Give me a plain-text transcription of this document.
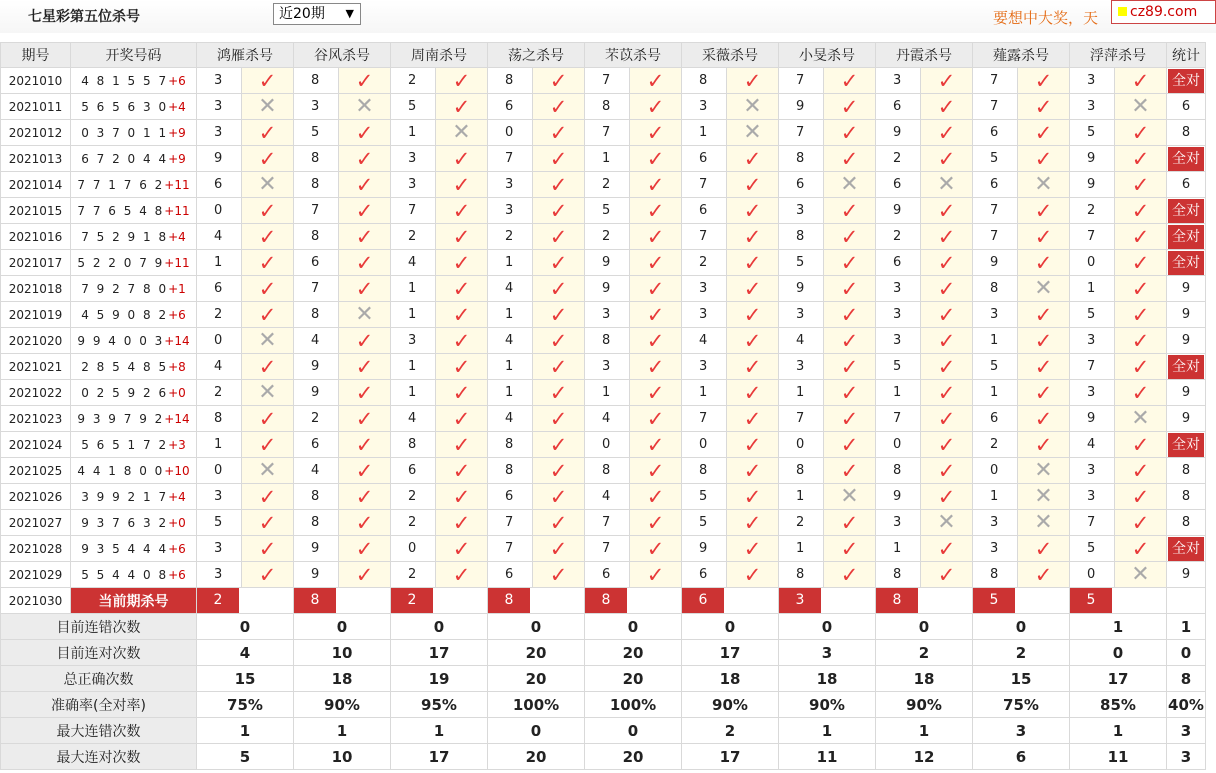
七星彩第五位杀号	近20期 ▼	要想中大奖，天 cz89.com
期号	开奖号码	鸿雁杀号		谷风杀号		周南杀号		荡之杀号		芣苡杀号		采薇杀号		小旻杀号		丹霞杀号		薤露杀号		浮萍杀号		统计
2021010	4 8 1 5 5 7+6	3	✓	8	✓	2	✓	8	✓	7	✓	8	✓	7	✓	3	✓	7	✓	3	✓	全对
2021011	5 6 5 6 3 0+4	3	✕	3	✕	5	✓	6	✓	8	✓	3	✕	9	✓	6	✓	7	✓	3	✕	6
2021012	0 3 7 0 1 1+9	3	✓	5	✓	1	✕	0	✓	7	✓	1	✕	7	✓	9	✓	6	✓	5	✓	8
2021013	6 7 2 0 4 4+9	9	✓	8	✓	3	✓	7	✓	1	✓	6	✓	8	✓	2	✓	5	✓	9	✓	全对
2021014	7 7 1 7 6 2+11	6	✕	8	✓	3	✓	3	✓	2	✓	7	✓	6	✕	6	✕	6	✕	9	✓	6
2021015	7 7 6 5 4 8+11	0	✓	7	✓	7	✓	3	✓	5	✓	6	✓	3	✓	9	✓	7	✓	2	✓	全对
2021016	7 5 2 9 1 8+4	4	✓	8	✓	2	✓	2	✓	2	✓	7	✓	8	✓	2	✓	7	✓	7	✓	全对
2021017	5 2 2 0 7 9+11	1	✓	6	✓	4	✓	1	✓	9	✓	2	✓	5	✓	6	✓	9	✓	0	✓	全对
2021018	7 9 2 7 8 0+1	6	✓	7	✓	1	✓	4	✓	9	✓	3	✓	9	✓	3	✓	8	✕	1	✓	9
2021019	4 5 9 0 8 2+6	2	✓	8	✕	1	✓	1	✓	3	✓	3	✓	3	✓	3	✓	3	✓	5	✓	9
2021020	9 9 4 0 0 3+14	0	✕	4	✓	3	✓	4	✓	8	✓	4	✓	4	✓	3	✓	1	✓	3	✓	9
2021021	2 8 5 4 8 5+8	4	✓	9	✓	1	✓	1	✓	3	✓	3	✓	3	✓	5	✓	5	✓	7	✓	全对
2021022	0 2 5 9 2 6+0	2	✕	9	✓	1	✓	1	✓	1	✓	1	✓	1	✓	1	✓	1	✓	3	✓	9
2021023	9 3 9 7 9 2+14	8	✓	2	✓	4	✓	4	✓	4	✓	7	✓	7	✓	7	✓	6	✓	9	✕	9
2021024	5 6 5 1 7 2+3	1	✓	6	✓	8	✓	8	✓	0	✓	0	✓	0	✓	0	✓	2	✓	4	✓	全对
2021025	4 4 1 8 0 0+10	0	✕	4	✓	6	✓	8	✓	8	✓	8	✓	8	✓	8	✓	0	✕	3	✓	8
2021026	3 9 9 2 1 7+4	3	✓	8	✓	2	✓	6	✓	4	✓	5	✓	1	✕	9	✓	1	✕	3	✓	8
2021027	9 3 7 6 3 2+0	5	✓	8	✓	2	✓	7	✓	7	✓	5	✓	2	✓	3	✕	3	✕	7	✓	8
2021028	9 3 5 4 4 4+6	3	✓	9	✓	0	✓	7	✓	7	✓	9	✓	1	✓	1	✓	3	✓	5	✓	全对
2021029	5 5 4 4 0 8+6	3	✓	9	✓	2	✓	6	✓	6	✓	6	✓	8	✓	8	✓	8	✓	0	✕	9
2021030	当前期杀号	2		8		2		8		8		6		3		8		5		5		
目前连错次数		0		0		0		0		0		0		0		0		0		1		1
目前连对次数		4		10		17		20		20		17		3		2		2		0		0
总正确次数		15		18		19		20		20		18		18		18		15		17		8
准确率(全对率)		75%		90%		95%		100%		100%		90%		90%		90%		75%		85%		40%
最大连错次数		1		1		1		0		0		2		1		1		3		1		3
最大连对次数		5		10		17		20		20		17		11		12		6		11		3
